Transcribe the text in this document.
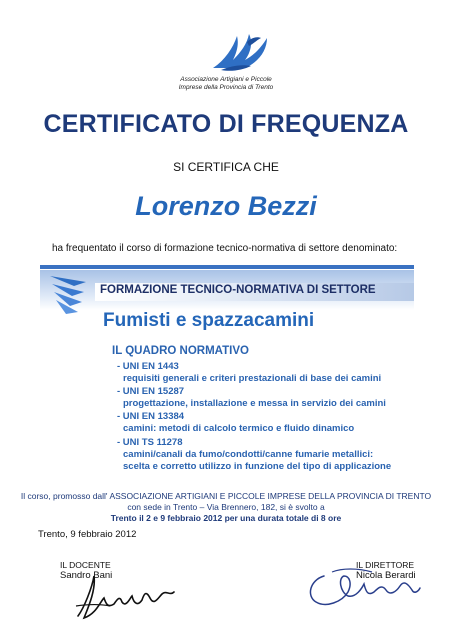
Associazione Artigiani e Piccole
Imprese della Provincia di Trento
CERTIFICATO DI FREQUENZA
SI CERTIFICA CHE
Lorenzo Bezzi
ha frequentato il corso di formazione tecnico-normativa di settore denominato:
FORMAZIONE TECNICO-NORMATIVA DI SETTORE
Fumisti e spazzacamini
IL QUADRO NORMATIVO
- UNI EN 1443
requisiti generali e criteri prestazionali di base dei camini
- UNI EN 15287
progettazione, installazione e messa in servizio dei camini
- UNI EN 13384
camini: metodi di calcolo termico e fluido dinamico
- UNI TS 11278
camini/canali da fumo/condotti/canne fumarie metallici:
scelta e corretto utilizzo in funzione del tipo di applicazione
Il corso, promosso dall' ASSOCIAZIONE ARTIGIANI E PICCOLE IMPRESE DELLA PROVINCIA DI TRENTO
con sede in Trento – Via Brennero, 182, si è svolto a
Trento il 2 e 9 febbraio 2012 per una durata totale di 8 ore
Trento, 9 febbraio 2012
IL DOCENTE
Sandro Bani
IL DIRETTORE
Nicola Berardi
